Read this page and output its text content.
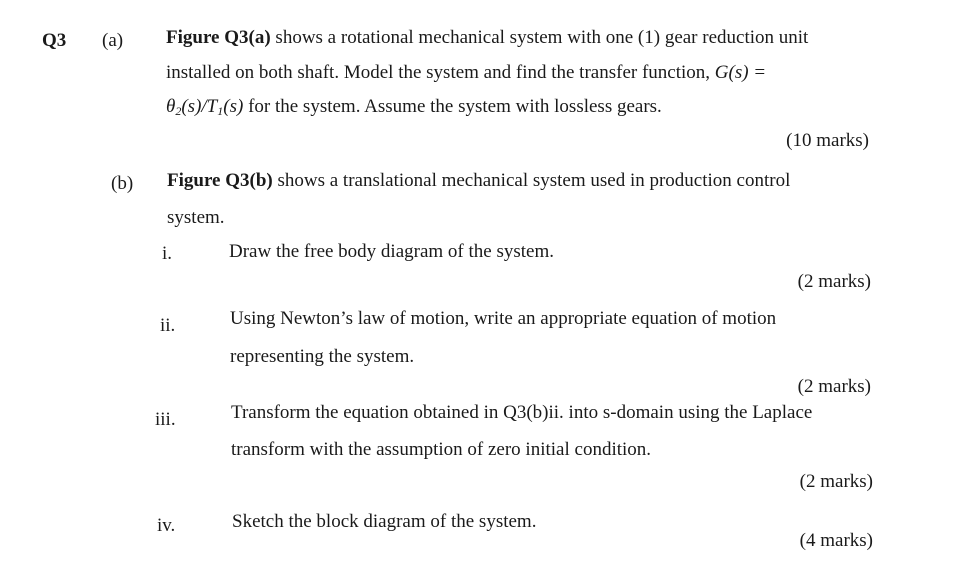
Q3 (a) Figure Q3(a) shows a rotational mechanical system with one (1) gear reduction unit
installed on both shaft. Model the system and find the transfer function, G(s) =
$\theta_2(s)/T_1(s)$ for the system. Assume the system with lossless gears.
(10 marks)
(b) Figure Q3(b) shows a translational mechanical system used in production control
system.
i.	Draw the free body diagram of the system.
(2 marks)
ii.	Using Newton’s law of motion, write an appropriate equation of motion
representing the system.
(2 marks)
iii.	Transform the equation obtained in Q3(b)ii. into s-domain using the Laplace
transform with the assumption of zero initial condition.
(2 marks)
iv.	Sketch the block diagram of the system.
(4 marks)
